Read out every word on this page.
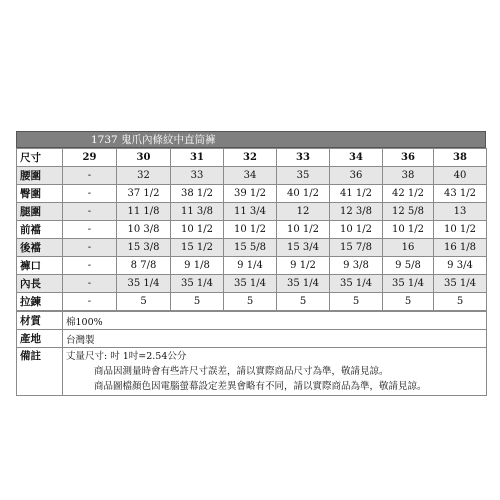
1737 鬼爪內條紋中直筒褲
尺寸	29	30	31	32	33	34	36	38
腰圍	-	32	33	34	35	36	38	40
臀圍	-	37 1/2	38 1/2	39 1/2	40 1/2	41 1/2	42 1/2	43 1/2
腿圍	-	11 1/8	11 3/8	11 3/4	12	12 3/8	12 5/8	13
前襠	-	10 3/8	10 1/2	10 1/2	10 1/2	10 1/2	10 1/2	10 1/2
後襠	-	15 3/8	15 1/2	15 5/8	15 3/4	15 7/8	16	16 1/8
褲口	-	8 7/8	9 1/8	9 1/4	9 1/2	9 3/8	9 5/8	9 3/4
內長	-	35 1/4	35 1/4	35 1/4	35 1/4	35 1/4	35 1/4	35 1/4
拉鍊	-	5	5	5	5	5	5	5
材質	棉100%
產地	台灣製
備註	丈量尺寸: 吋 1吋=2.54公分
商品因測量時會有些許尺寸誤差，請以實際商品尺寸為準，敬請見諒。
商品圖檔顏色因電腦螢幕設定差異會略有不同，請以實際商品為準，敬請見諒。
